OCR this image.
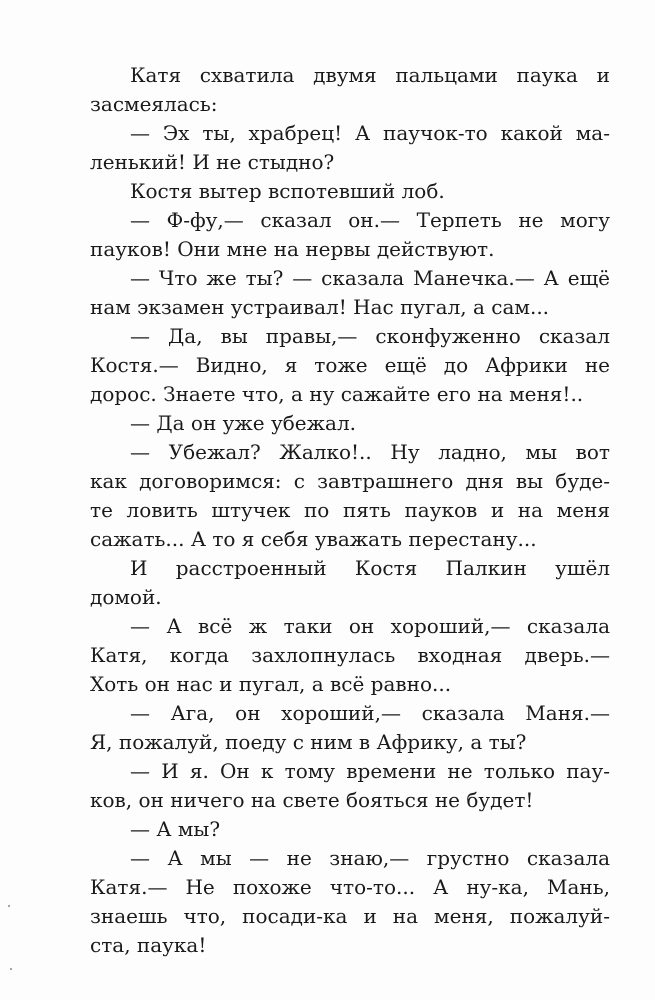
Катя схватила двумя пальцами паука и
засмеялась:
— Эх ты, храбрец! А паучок-то какой ма-
ленький! И не стыдно?
Костя вытер вспотевший лоб.
— Ф-фу,— сказал он.— Терпеть не могу
пауков! Они мне на нервы действуют.
— Что же ты? — сказала Манечка.— А ещё
нам экзамен устраивал! Нас пугал, а сам...
— Да, вы правы,— сконфуженно сказал
Костя.— Видно, я тоже ещё до Африки не
дорос. Знаете что, а ну сажайте его на меня!..
— Да он уже убежал.
— Убежал? Жалко!.. Ну ладно, мы вот
как договоримся: с завтрашнего дня вы буде-
те ловить штучек по пять пауков и на меня
сажать... А то я себя уважать перестану...
И расстроенный Костя Палкин ушёл
домой.
— А всё ж таки он хороший,— сказала
Катя, когда захлопнулась входная дверь.—
Хоть он нас и пугал, а всё равно...
— Ага, он хороший,— сказала Маня.—
Я, пожалуй, поеду с ним в Африку, а ты?
— И я. Он к тому времени не только пау-
ков, он ничего на свете бояться не будет!
— А мы?
— А мы — не знаю,— грустно сказала
Катя.— Не похоже что-то... А ну-ка, Мань,
знаешь что, посади-ка и на меня, пожалуй-
ста, паука!
